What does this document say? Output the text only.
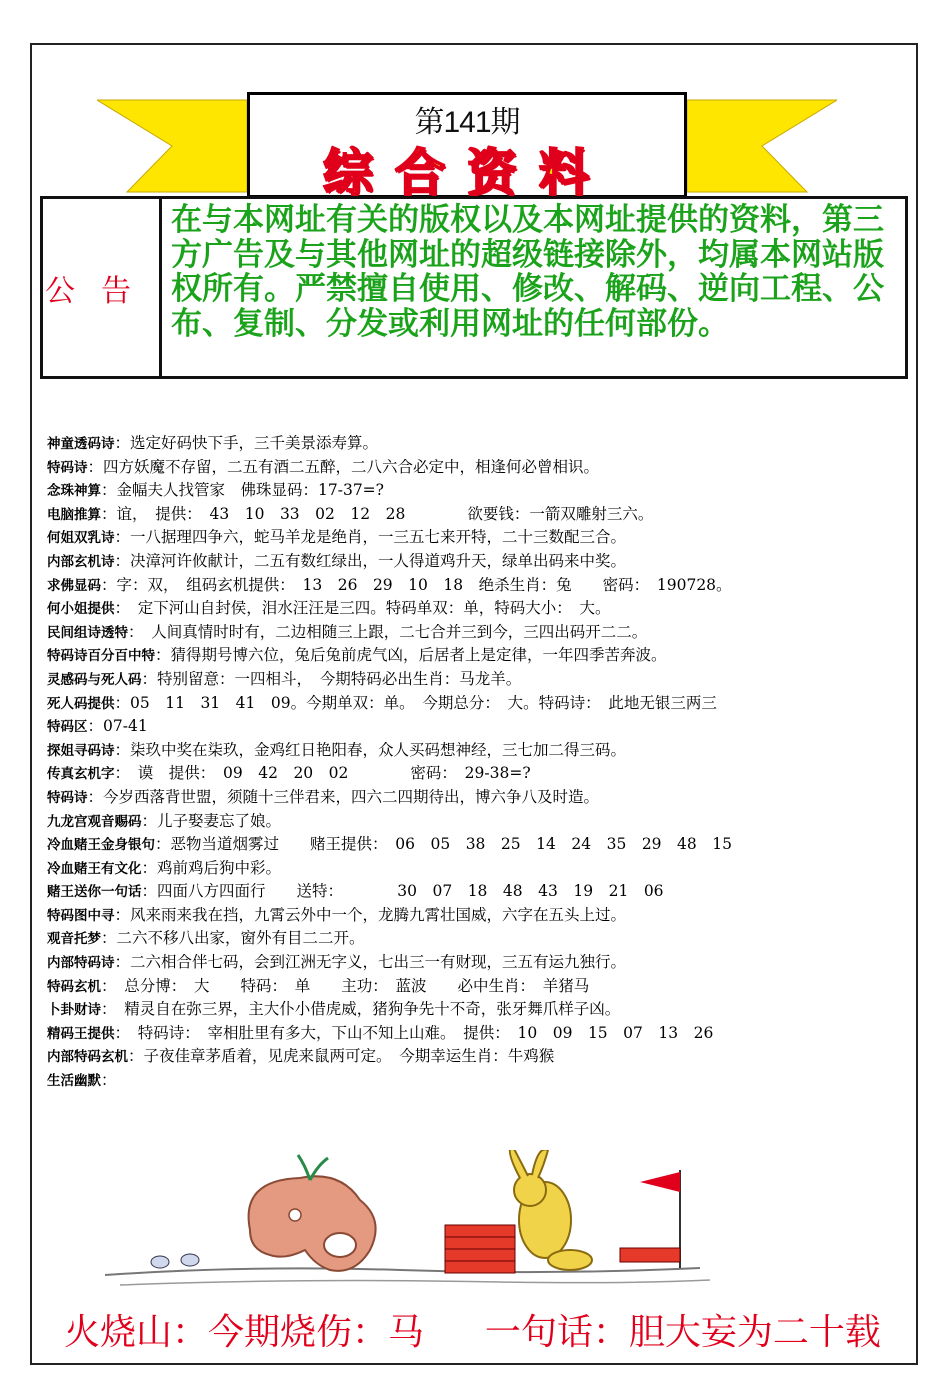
第141期
综合资料
公告
在与本网址有关的版权以及本网址提供的资料，第三方广告及与其他网址的超级链接除外，均属本网站版权所有。严禁擅自使用、修改、解码、逆向工程、公布、复制、分发或利用网址的任何部份。
神童透码诗：选定好码快下手，三千美景添寿算。
特码诗：四方妖魔不存留，二五有酒二五醉，二八六合必定中，相逢何必曾相识。
念珠神算：金幅夫人找管家　佛珠显码：17-37=?
电脑推算：谊，　提供：　43　10　33　02　12　28　　　　欲要钱：一箭双雕射三六。
何姐双乳诗：一八据理四争六，蛇马羊龙是绝肖，一三五七来开特，二十三数配三合。
内部玄机诗：决漳河许攸献计，二五有数红绿出，一人得道鸡升天，绿单出码来中奖。
求佛显码：字：双，　组码玄机提供：　13　26　29　10　18　绝杀生肖：兔　　密码：　190728。
何小姐提供：　定下河山自封侯，泪水汪汪是三四。特码单双：单，特码大小：　大。
民间组诗透特：　人间真情时时有，二边相随三上跟，二七合并三到今，三四出码开二二。
特码诗百分百中特：猜得期号博六位，兔后兔前虎气凶，后居者上是定律，一年四季苦奔波。
灵感码与死人码：特别留意：一四相斗，　今期特码必出生肖：马龙羊。
死人码提供：05　11　31　41　09。今期单双：单。　今期总分：　大。特码诗：　此地无银三两三
特码区：07-41
探姐寻码诗：柒玖中奖在柒玖，金鸡红日艳阳春，众人买码想神经，三七加二得三码。
传真玄机字：　谟　提供：　09　42　20　02　　　　密码：　29-38=?
特码诗：今岁西落背世盟，须随十三伴君来，四六二四期待出，博六争八及时造。
九龙宫观音赐码：儿子娶妻忘了娘。
冷血赌王金身银句：恶物当道烟雾过　　赌王提供：　06　05　38　25　14　24　35　29　48　15
冷血赌王有文化：鸡前鸡后狗中彩。
赌王送你一句话：四面八方四面行　　送特：　　　　30　07　18　48　43　19　21　06
特码图中寻：风来雨来我在挡，九霄云外中一个，龙腾九霄壮国威，六字在五头上过。
观音托梦：二六不移八出家，窗外有目二二开。
内部特码诗：二六相合伴七码，会到江洲无字义，七出三一有财现，三五有运九独行。
特码玄机：　总分博：　大　　特码：　单　　主功：　蓝波　　必中生肖：　羊猪马
卜卦财诗：　精灵自在弥三界，主大仆小借虎威，猪狗争先十不奇，张牙舞爪样子凶。
精码王提供：　特码诗：　宰相肚里有多大，下山不知上山难。　提供：　10　09　15　07　13　26
内部特码玄机：子夜佳章茅盾着，见虎来鼠两可定。　今期幸运生肖：牛鸡猴
生活幽默：
火烧山：今期烧伤：马 一句话：胆大妄为二十载
